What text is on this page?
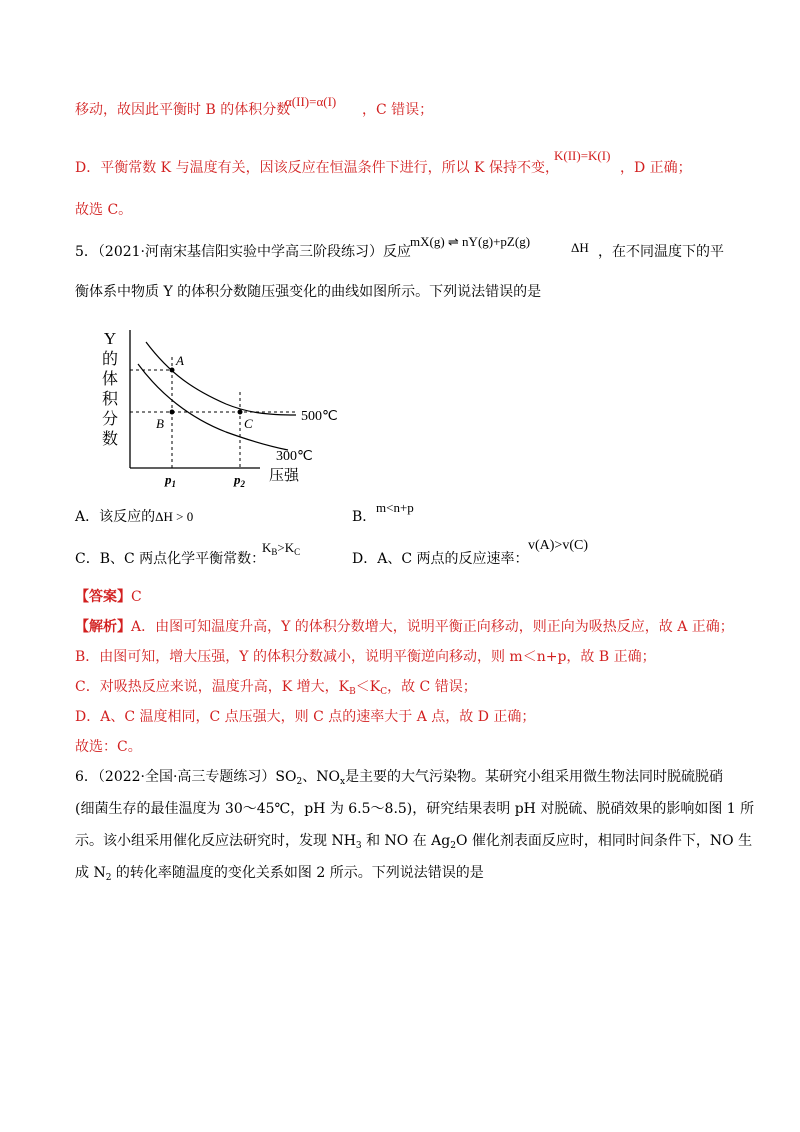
移动，故因此平衡时 B 的体积分数
α(II)=α(I)
，C 错误；
D．平衡常数 K 与温度有关，因该反应在恒温条件下进行，所以 K 保持不变，
K(II)=K(I)
，D 正确；
故选 C。
5．（2021·河南宋基信阳实验中学高三阶段练习）反应
mX(g) ⇌ nY(g)+pZ(g)	ΔH ，在不同温度下的平
衡体系中物质 Y 的体积分数随压强变化的曲线如图所示。下列说法错误的是
Y
的
体
积
分
数
压强
A
B	C	500℃
300℃
$p_1$	$p_2$
A．该反应的ΔH > 0	B．
m<n+p
C．B、C 两点化学平衡常数：
$K_B>K_C$	D．A、C 两点的反应速率：
v(A)>v(C)
【答案】C
【解析】A．由图可知温度升高，Y 的体积分数增大，说明平衡正向移动，则正向为吸热反应，故 A 正确；
B．由图可知，增大压强，Y 的体积分数减小，说明平衡逆向移动，则 m＜n+p，故 B 正确；
C．对吸热反应来说，温度升高，K 增大，$K_B<K_C$，故 C 错误；
D．A、C 温度相同，C 点压强大，则 C 点的速率大于 A 点，故 D 正确；
故选：C。
6．（2022·全国·高三专题练习）$SO_2$、$NO_x$是主要的大气污染物。某研究小组采用微生物法同时脱硫脱硝
(细菌生存的最佳温度为 30～45℃，pH 为 6.5～8.5)，研究结果表明 pH 对脱硫、脱硝效果的影响如图 1 所
示。该小组采用催化反应法研究时，发现 $NH_3$ 和 NO 在 $Ag_2O$ 催化剂表面反应时，相同时间条件下，NO 生
成 $N_2$ 的转化率随温度的变化关系如图 2 所示。下列说法错误的是
